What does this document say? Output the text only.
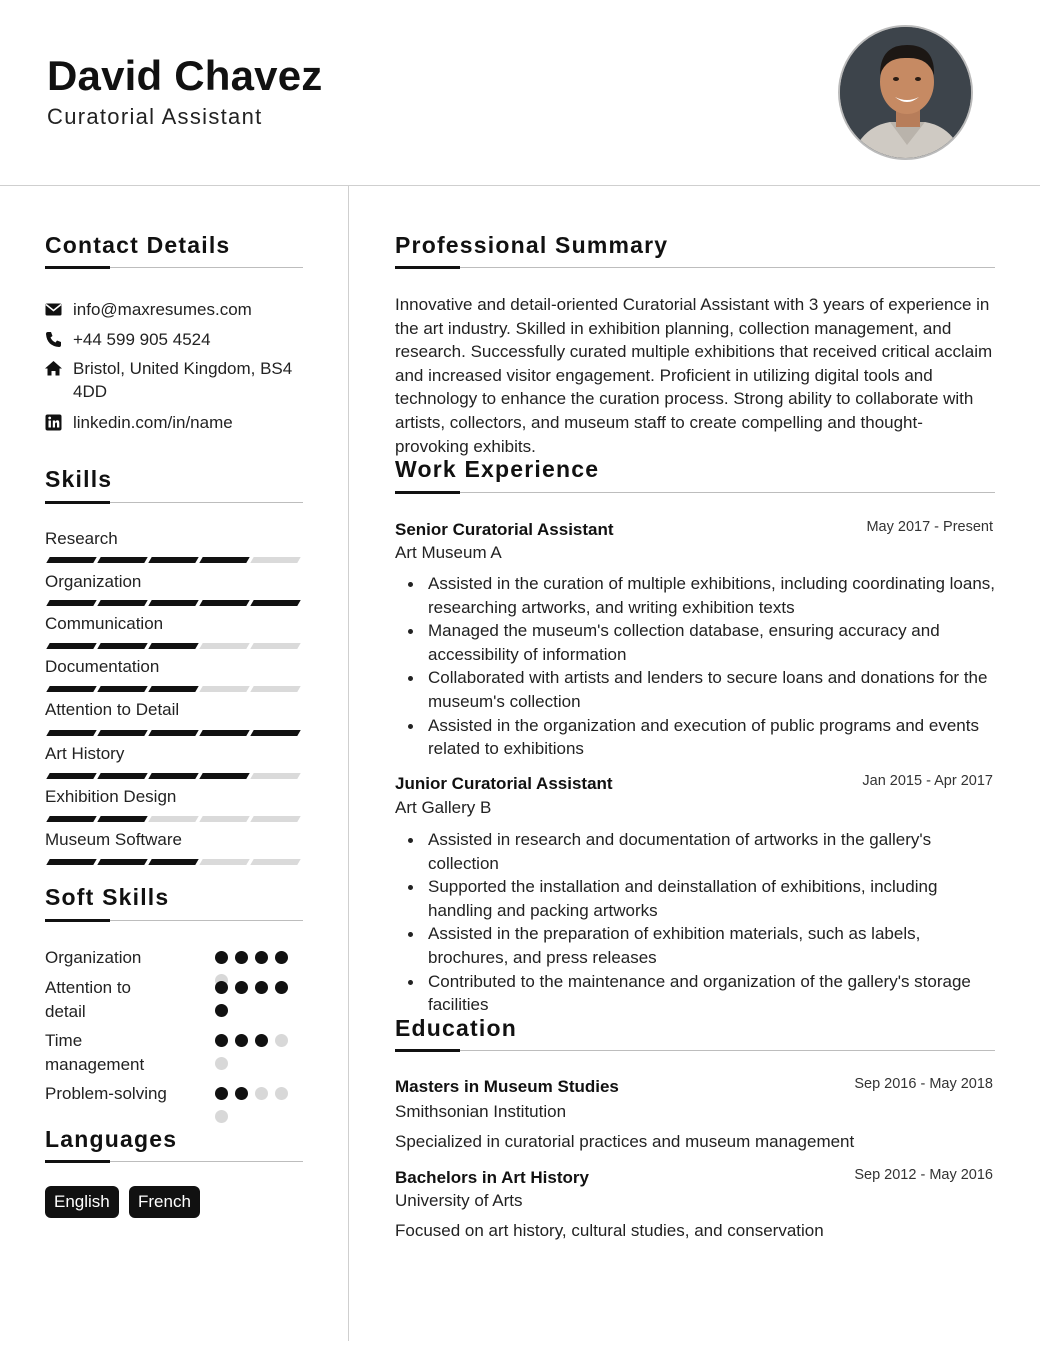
David Chavez
Curatorial Assistant
Contact Details
info@maxresumes.com
+44 599 905 4524
Bristol, United Kingdom, BS4 4DD
linkedin.com/in/name
Skills
Research
Organization
Communication
Documentation
Attention to Detail
Art History
Exhibition Design
Museum Software
Soft Skills
Organization
Attention to detail
Time management
Problem-solving
Languages
English	French
Professional Summary
Innovative and detail-oriented Curatorial Assistant with 3 years of experience in the art industry. Skilled in exhibition planning, collection management, and research. Successfully curated multiple exhibitions that received critical acclaim and increased visitor engagement. Proficient in utilizing digital tools and technology to enhance the curation process. Strong ability to collaborate with artists, collectors, and museum staff to create compelling and thought-provoking exhibits.
Work Experience
Senior Curatorial Assistant	May 2017 - Present
Art Museum A
Assisted in the curation of multiple exhibitions, including coordinating loans, researching artworks, and writing exhibition texts
Managed the museum's collection database, ensuring accuracy and accessibility of information
Collaborated with artists and lenders to secure loans and donations for the museum's collection
Assisted in the organization and execution of public programs and events related to exhibitions
Junior Curatorial Assistant	Jan 2015 - Apr 2017
Art Gallery B
Assisted in research and documentation of artworks in the gallery's collection
Supported the installation and deinstallation of exhibitions, including handling and packing artworks
Assisted in the preparation of exhibition materials, such as labels, brochures, and press releases
Contributed to the maintenance and organization of the gallery's storage facilities
Education
Masters in Museum Studies	Sep 2016 - May 2018
Smithsonian Institution
Specialized in curatorial practices and museum management
Bachelors in Art History	Sep 2012 - May 2016
University of Arts
Focused on art history, cultural studies, and conservation
